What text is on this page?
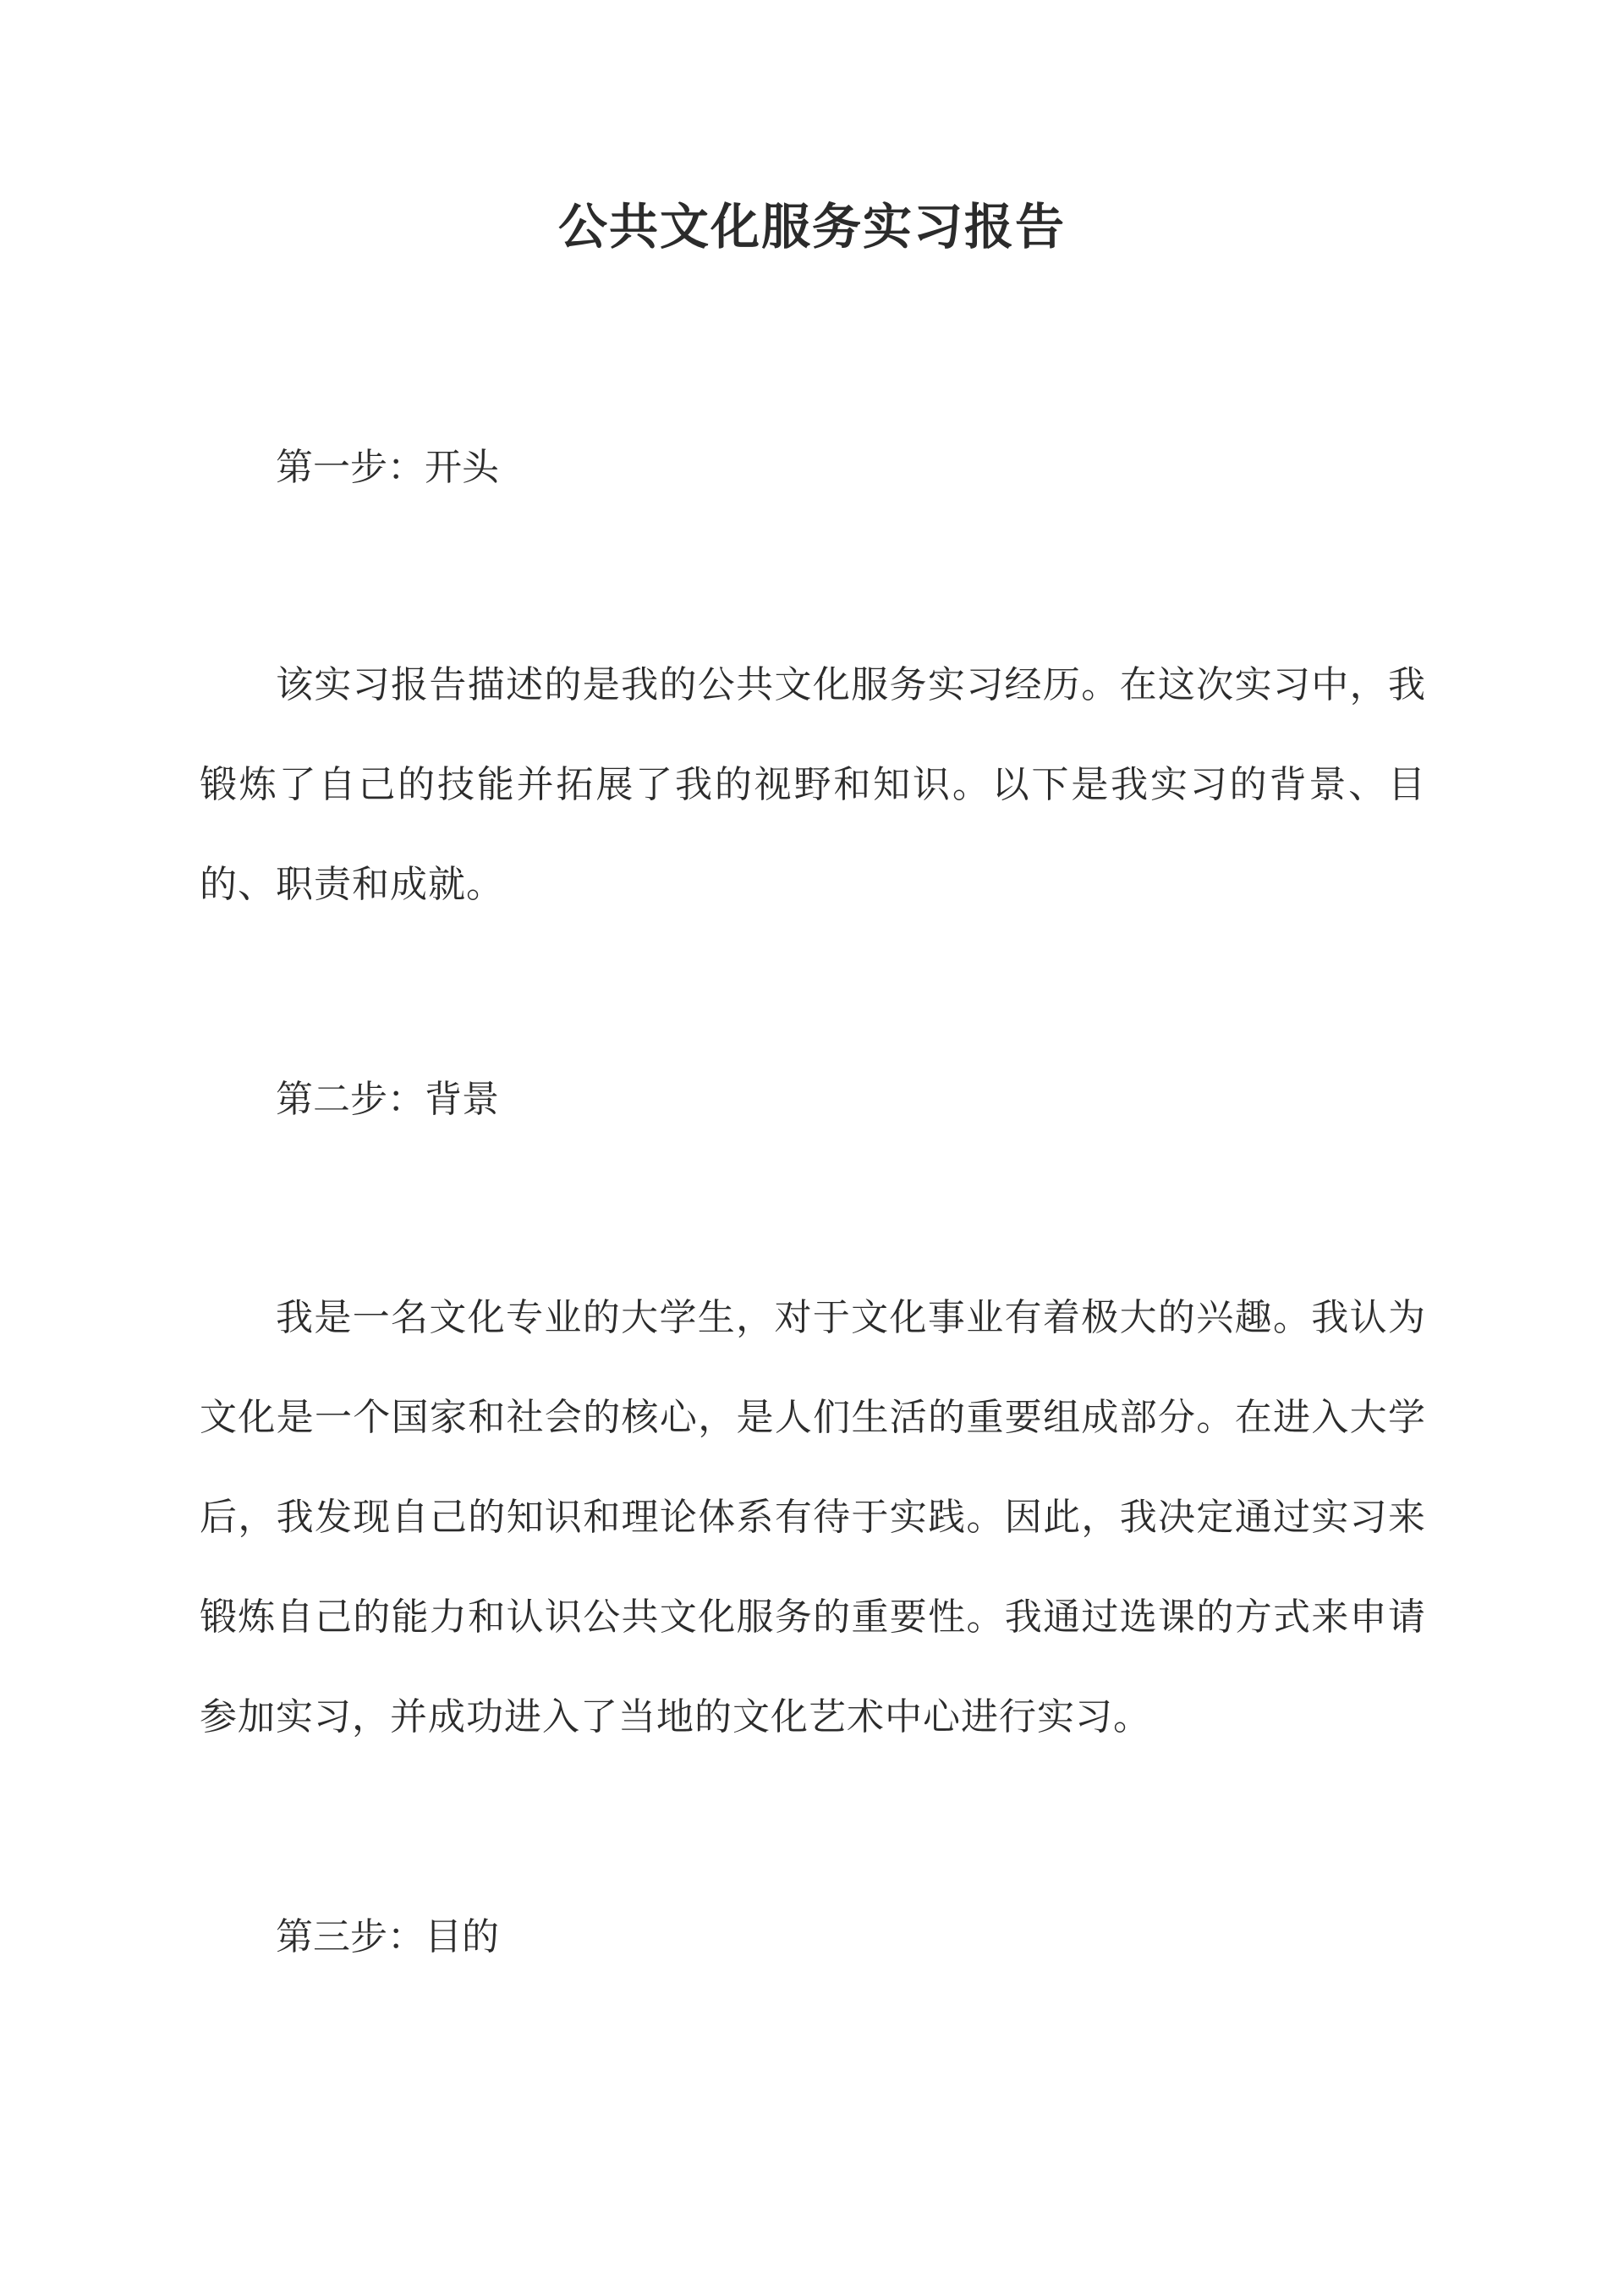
公共文化服务实习报告

第一步：开头

该实习报告描述的是我的公共文化服务实习经历。在这次实习中，我锻炼了自己的技能并拓展了我的视野和知识。以下是我实习的背景、目的、职责和成就。

第二步：背景

我是一名文化专业的大学生，对于文化事业有着极大的兴趣。我认为文化是一个国家和社会的核心，是人们生活的重要组成部分。在进入大学后，我发现自己的知识和理论体系有待于实践。因此，我决定通过实习来锻炼自己的能力和认识公共文化服务的重要性。我通过选课的方式来申请参加实习，并成功进入了当地的文化艺术中心进行实习。

第三步：目的
